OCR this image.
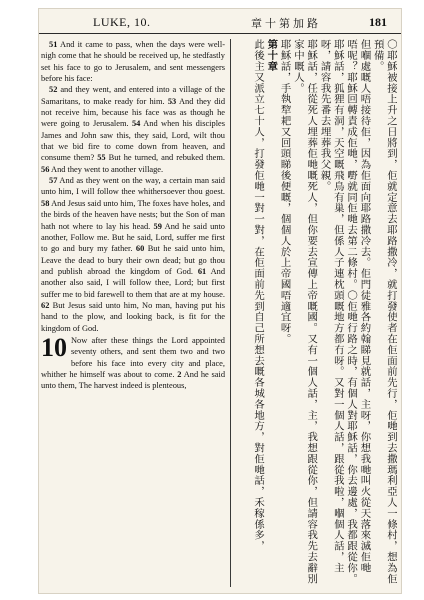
LUKE, 10.	章十第加路	181

51 And it came to pass, when the days were well-nigh come that he should be received up, he stedfastly set his face to go to Jerusalem, and sent messengers before his face:

52 and they went, and entered into a village of the Samaritans, to make ready for him. 53 And they did not receive him, because his face was as though he were going to Jerusalem. 54 And when his disciples James and John saw this, they said, Lord, wilt thou that we bid fire to come down from heaven, and consume them? 55 But he turned, and rebuked them. 56 And they went to another village.

57 And as they went on the way, a certain man said unto him, I will follow thee whithersoever thou goest. 58 And Jesus said unto him, The foxes have holes, and the birds of the heaven have nests; but the Son of man hath not where to lay his head. 59 And he said unto another, Follow me. But he said, Lord, suffer me first to go and bury my father. 60 But he said unto him, Leave the dead to bury their own dead; but go thou and publish abroad the kingdom of God. 61 And another also said, I will follow thee, Lord; but first suffer me to bid farewell to them that are at my house. 62 But Jesus said unto him, No man, having put his hand to the plow, and looking back, is fit for the kingdom of God.

10 Now after these things the Lord appointed seventy others, and sent them two and two before his face into every city and place, whither he himself was about to come. 2 And he said unto them, The harvest indeed is plenteous,	〇耶穌被接上升之日將到，佢就定意去耶路撒冷，就打發使者在佢面前先行，佢哋到去撒瑪利亞人一條村，想為佢預備。

但嗰處嘅人唔接待佢，因為佢面向耶路撒冷去。佢門徒雅各約翰睇見就話，主呀，你想我哋叫火從天落來滅佢哋

唔呢？耶穌回轉責成佢哋，嘢就同佢哋去第二條村。〇佢哋行路之時，有個人對耶穌話，你去邊處，我都跟從你。

耶穌話，狐狸有洞，天空嘅飛鳥有巢，但係人子連枕頭嘅地方都冇呀。又對一個人話，跟從我啦，嗰個人話，主呀，請容我先番去埋葬我父親。

耶穌話，任從死人埋葬佢哋嘅死人，但你要去宣傳上帝嘅國。又有一個人話，主，我想跟從你，但請容我先去辭別家中嘅人。

耶穌話，手執犂耙又回頭睇後便嘅，個個人於上帝國唔適宜呀。

第十章

此後主又派立七十人，打發佢哋一對一對，在佢面前先到自己所想去嘅各城各地方，對佢哋話，禾稼係多，
